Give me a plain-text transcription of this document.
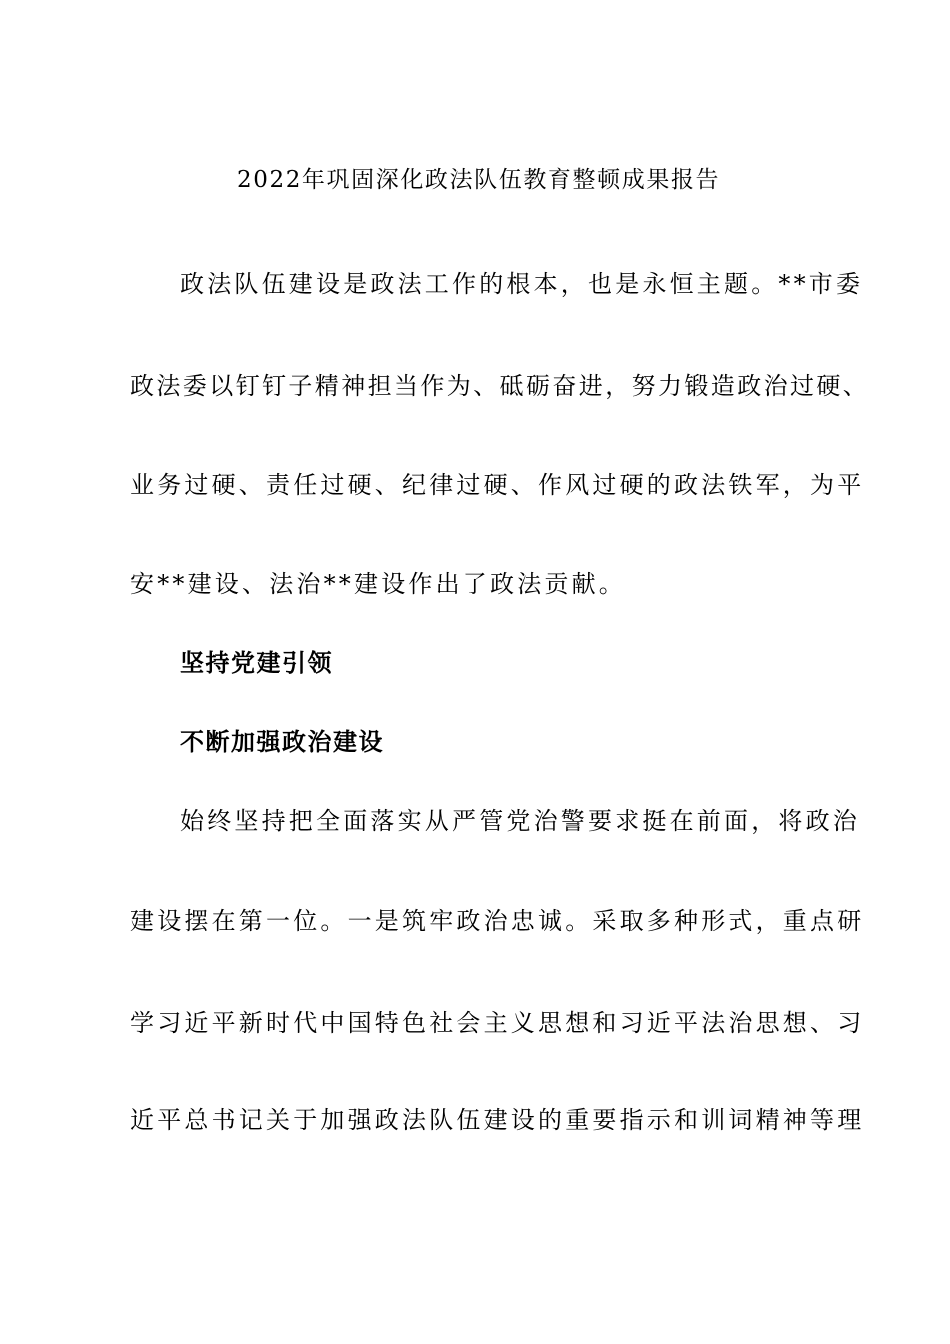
2022年巩固深化政法队伍教育整顿成果报告

政法队伍建设是政法工作的根本，也是永恒主题。**市委

政法委以钉钉子精神担当作为、砥砺奋进，努力锻造政治过硬、

业务过硬、责任过硬、纪律过硬、作风过硬的政法铁军，为平

安**建设、法治**建设作出了政法贡献。

坚持党建引领

不断加强政治建设

始终坚持把全面落实从严管党治警要求挺在前面，将政治

建设摆在第一位。一是筑牢政治忠诚。采取多种形式，重点研

学习近平新时代中国特色社会主义思想和习近平法治思想、习

近平总书记关于加强政法队伍建设的重要指示和训词精神等理
